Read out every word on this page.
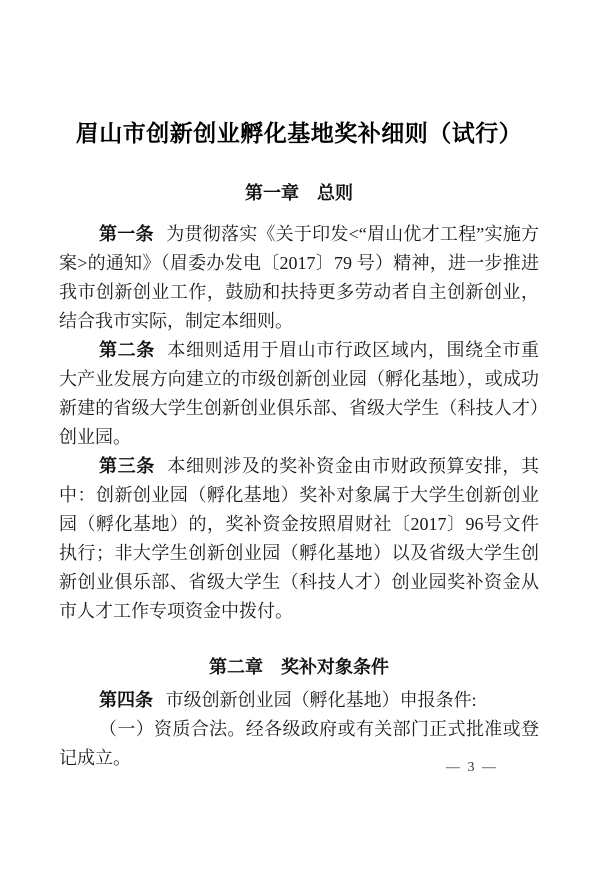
眉山市创新创业孵化基地奖补细则（试行）
第一章　总则

第一条 为贯彻落实《关于印发<“眉山优才工程”实施方案>的通知》（眉委办发电〔2017〕79 号）精神，进一步推进我市创新创业工作，鼓励和扶持更多劳动者自主创新创业，结合我市实际，制定本细则。

第二条 本细则适用于眉山市行政区域内，围绕全市重大产业发展方向建立的市级创新创业园（孵化基地），或成功新建的省级大学生创新创业俱乐部、省级大学生（科技人才）创业园。

第三条 本细则涉及的奖补资金由市财政预算安排，其中：创新创业园（孵化基地）奖补对象属于大学生创新创业园（孵化基地）的，奖补资金按照眉财社〔2017〕96号文件执行；非大学生创新创业园（孵化基地）以及省级大学生创新创业俱乐部、省级大学生（科技人才）创业园奖补资金从市人才工作专项资金中拨付。

第二章　奖补对象条件

第四条 市级创新创业园（孵化基地）申报条件:

（一）资质合法。经各级政府或有关部门正式批准或登记成立。	— 3 —
